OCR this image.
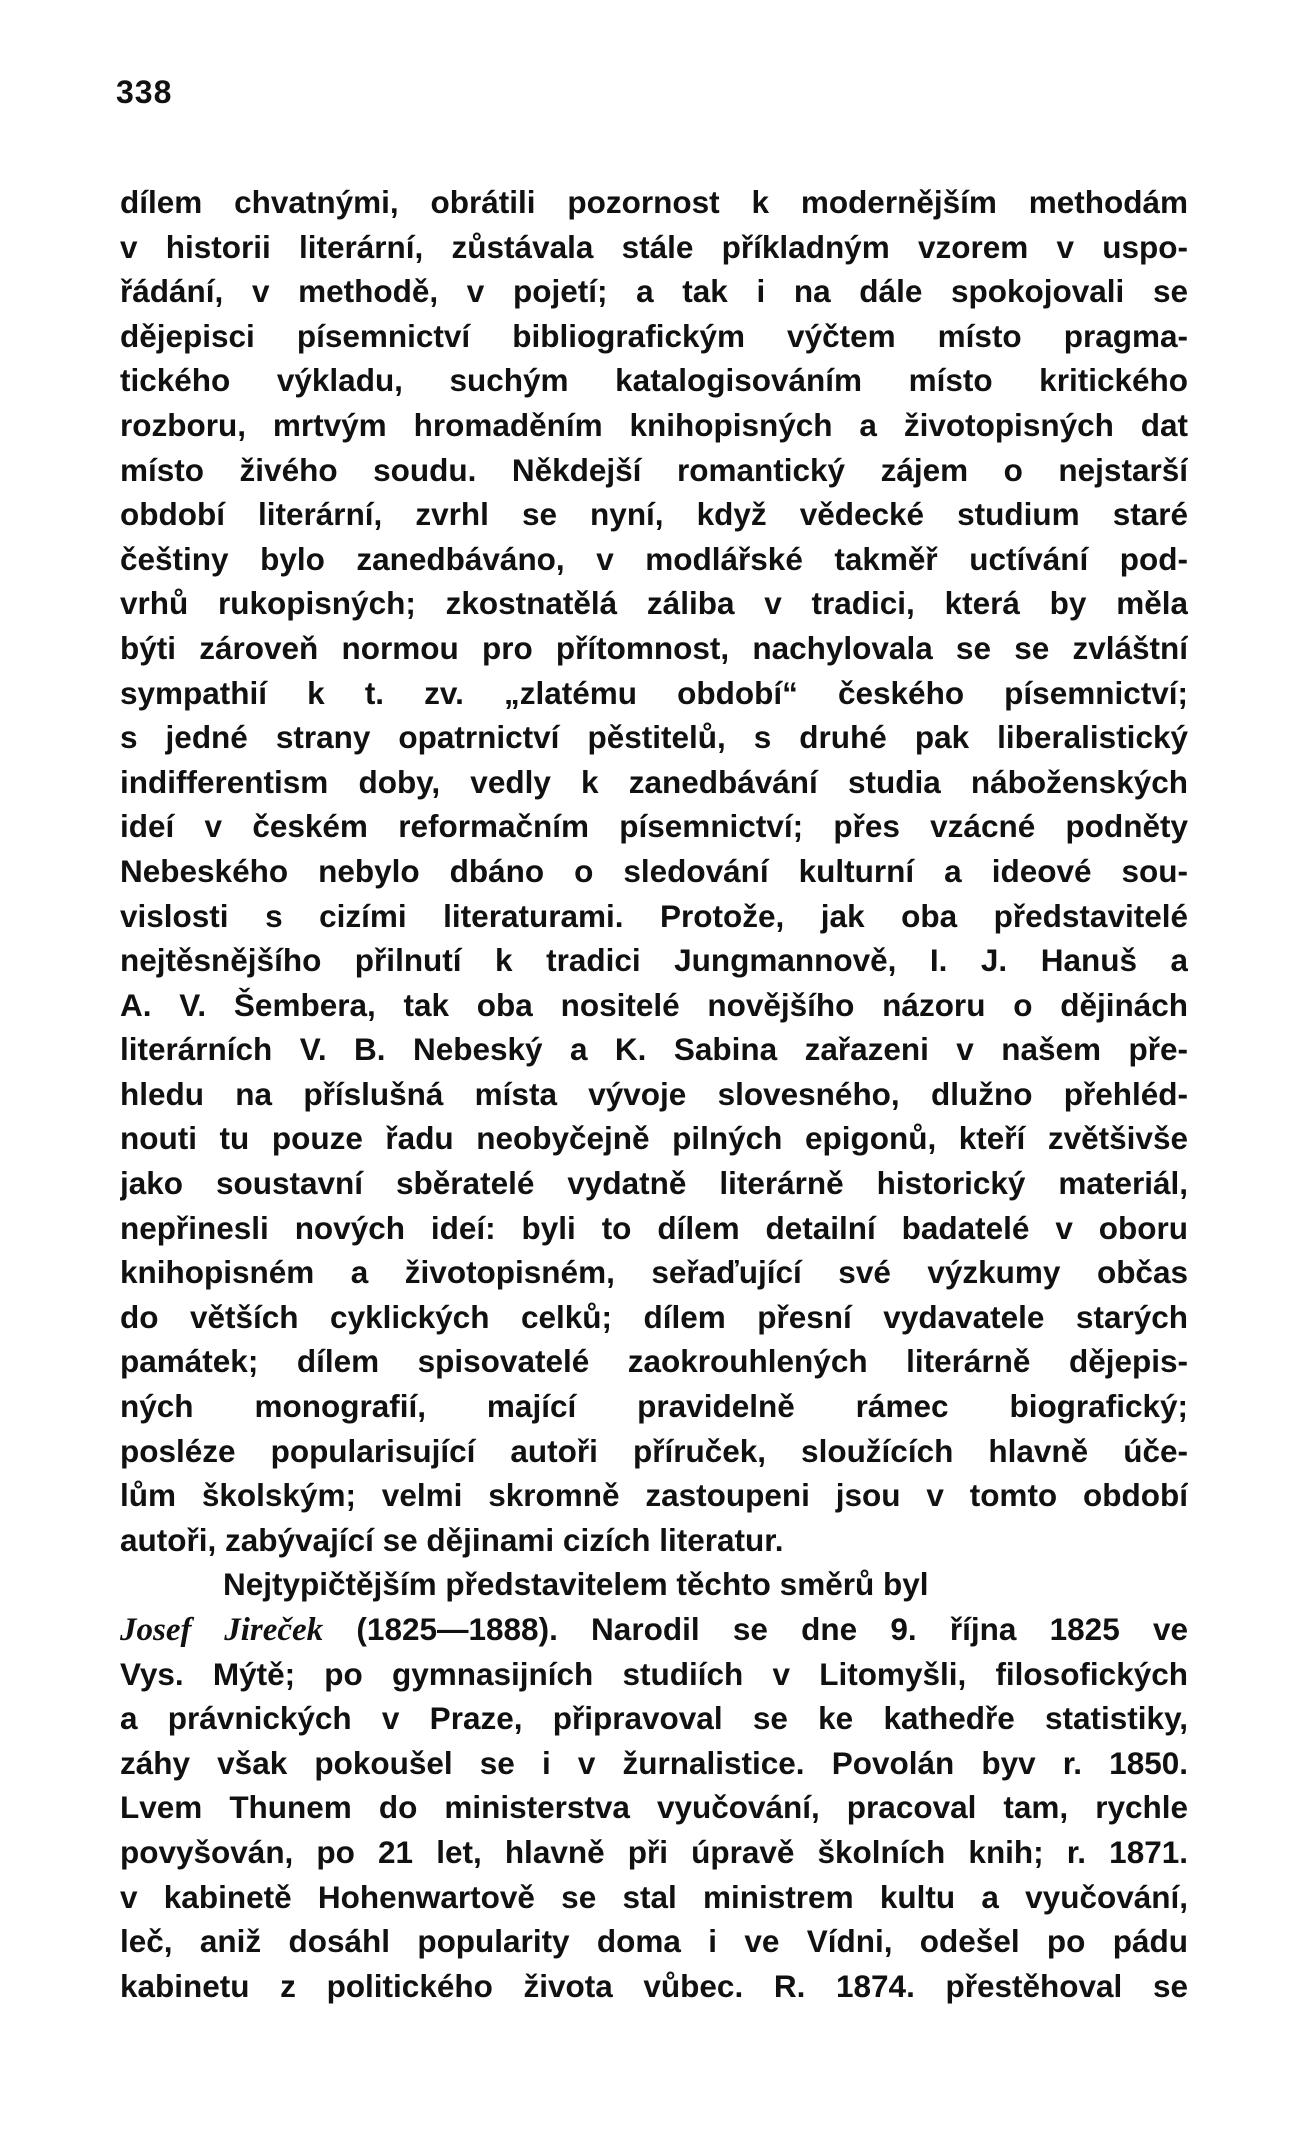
338
dílem chvatnými, obrátili pozornost k modernějším methodám
v historii literární, zůstávala stále příkladným vzorem v uspo-
řádání, v methodě, v pojetí; a tak i na dále spokojovali se
dějepisci písemnictví bibliografickým výčtem místo pragma-
tického výkladu, suchým katalogisováním místo kritického
rozboru, mrtvým hromaděním knihopisných a životopisných dat
místo živého soudu. Někdejší romantický zájem o nejstarší
období literární, zvrhl se nyní, když vědecké studium staré
češtiny bylo zanedbáváno, v modlářské takměř uctívání pod-
vrhů rukopisných; zkostnatělá záliba v tradici, která by měla
býti zároveň normou pro přítomnost, nachylovala se se zvláštní
sympathií k t. zv. „zlatému období“ českého písemnictví;
s jedné strany opatrnictví pěstitelů, s druhé pak liberalistický
indifferentism doby, vedly k zanedbávání studia náboženských
ideí v českém reformačním písemnictví; přes vzácné podněty
Nebeského nebylo dbáno o sledování kulturní a ideové sou-
vislosti s cizími literaturami. Protože, jak oba představitelé
nejtěsnějšího přilnutí k tradici Jungmannově, I. J. Hanuš a
A. V. Šembera, tak oba nositelé novějšího názoru o dějinách
literárních V. B. Nebeský a K. Sabina zařazeni v našem pře-
hledu na příslušná místa vývoje slovesného, dlužno přehléd-
nouti tu pouze řadu neobyčejně pilných epigonů, kteří zvětšivše
jako soustavní sběratelé vydatně literárně historický materiál,
nepřinesli nových ideí: byli to dílem detailní badatelé v oboru
knihopisném a životopisném, seřaďující své výzkumy občas
do větších cyklických celků; dílem přesní vydavatele starých
památek; dílem spisovatelé zaokrouhlených literárně dějepis-
ných monografií, mající pravidelně rámec biografický;
posléze popularisující autoři příruček, sloužících hlavně úče-
lům školským; velmi skromně zastoupeni jsou v tomto období
autoři, zabývající se dějinami cizích literatur.
Nejtypičtějším představitelem těchto směrů byl
Josef Jireček (1825—1888). Narodil se dne 9. října 1825 ve
Vys. Mýtě; po gymnasijních studiích v Litomyšli, filosofických
a právnických v Praze, připravoval se ke kathedře statistiky,
záhy však pokoušel se i v žurnalistice. Povolán byv r. 1850.
Lvem Thunem do ministerstva vyučování, pracoval tam, rychle
povyšován, po 21 let, hlavně při úpravě školních knih; r. 1871.
v kabinetě Hohenwartově se stal ministrem kultu a vyučování,
leč, aniž dosáhl popularity doma i ve Vídni, odešel po pádu
kabinetu z politického života vůbec. R. 1874. přestěhoval se
